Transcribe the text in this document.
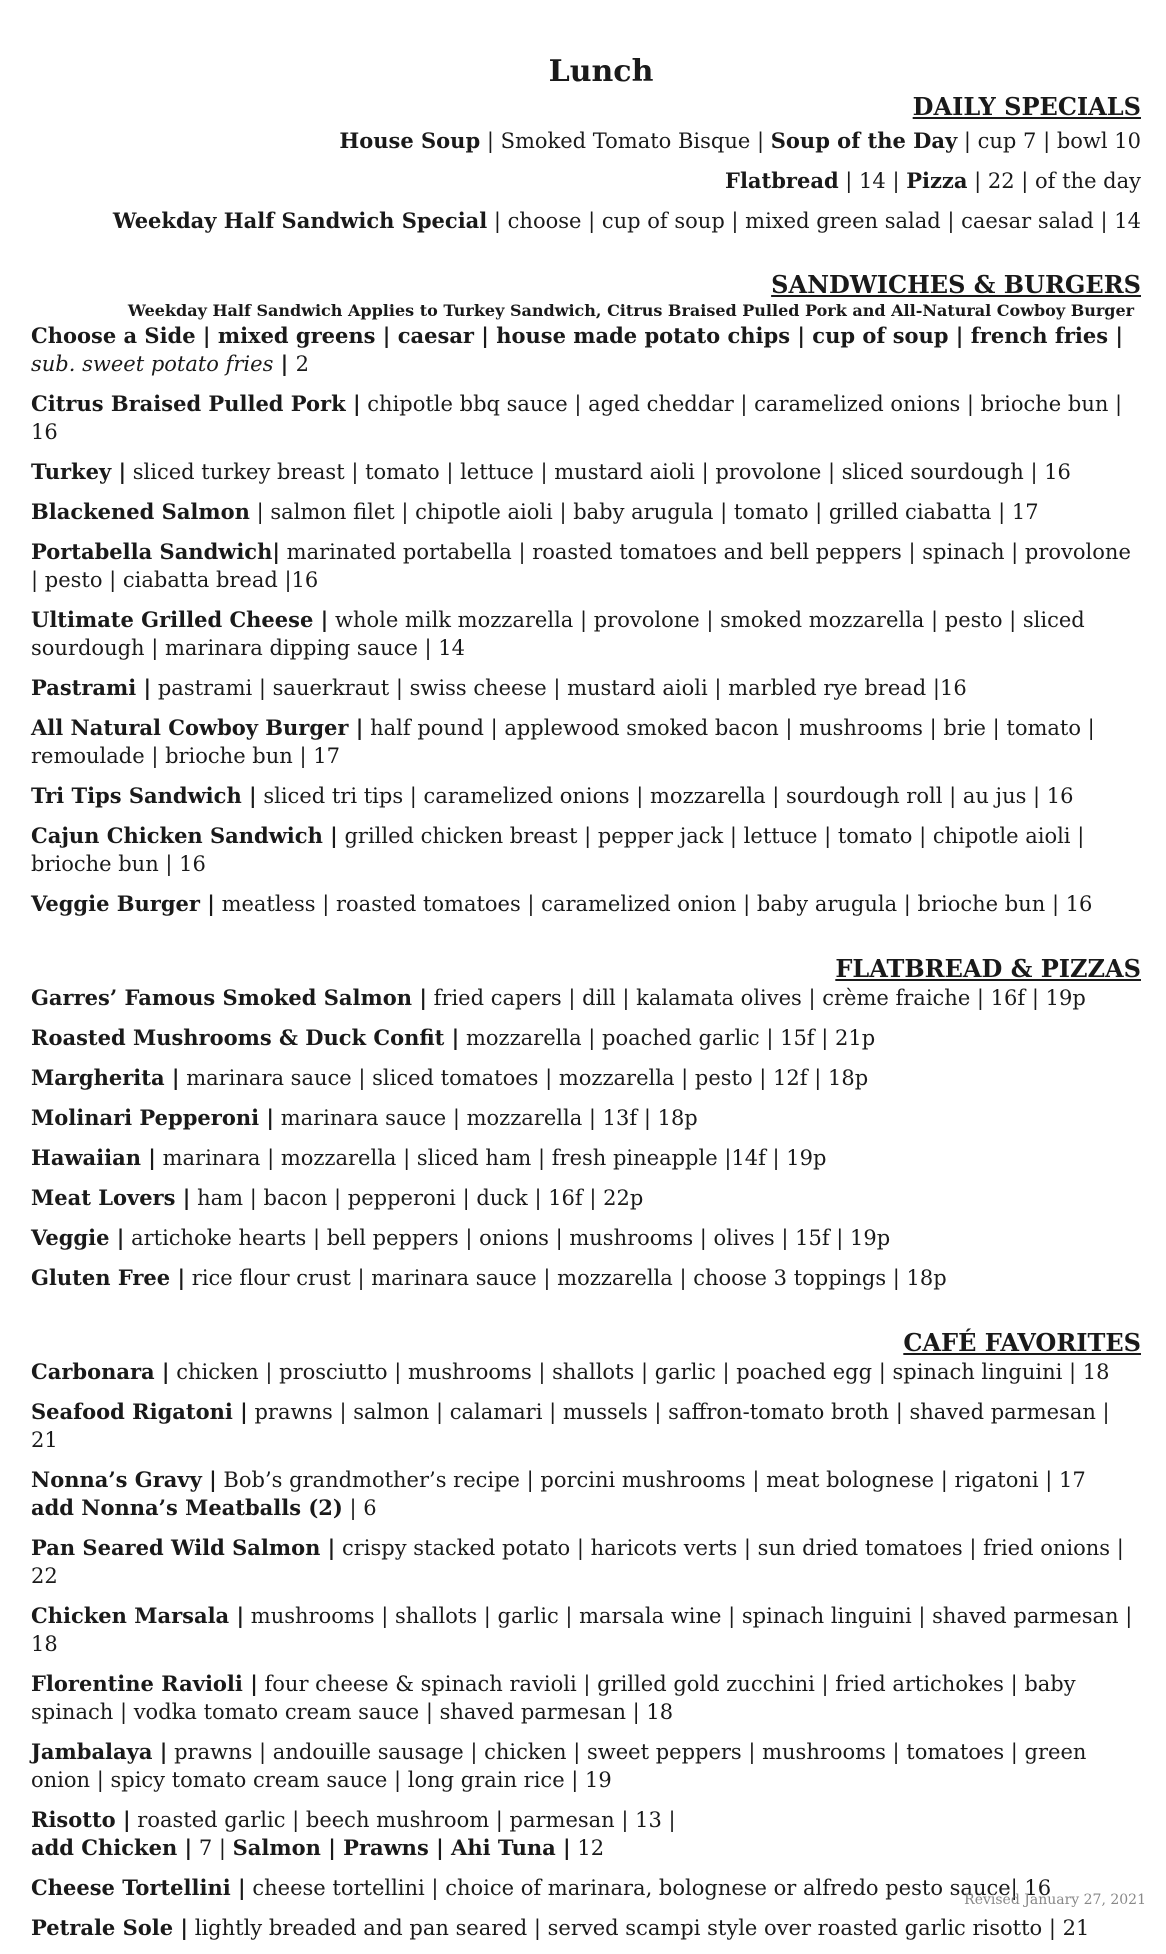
Lunch
DAILY SPECIALS
House Soup | Smoked Tomato Bisque | Soup of the Day | cup 7 | bowl 10
Flatbread | 14 | Pizza | 22 | of the day
Weekday Half Sandwich Special | choose | cup of soup | mixed green salad | caesar salad | 14
SANDWICHES & BURGERS
Weekday Half Sandwich Applies to Turkey Sandwich, Citrus Braised Pulled Pork and All-Natural Cowboy Burger
Choose a Side | mixed greens | caesar | house made potato chips | cup of soup | french fries |
sub. sweet potato fries | 2
Citrus Braised Pulled Pork | chipotle bbq sauce | aged cheddar | caramelized onions | brioche bun | 16
Turkey | sliced turkey breast | tomato | lettuce | mustard aioli | provolone | sliced sourdough | 16
Blackened Salmon | salmon filet | chipotle aioli | baby arugula | tomato | grilled ciabatta | 17
Portabella Sandwich| marinated portabella | roasted tomatoes and bell peppers | spinach | provolone | pesto | ciabatta bread |16
Ultimate Grilled Cheese | whole milk mozzarella | provolone | smoked mozzarella | pesto | sliced sourdough | marinara dipping sauce | 14
Pastrami | pastrami | sauerkraut | swiss cheese | mustard aioli | marbled rye bread |16
All Natural Cowboy Burger | half pound | applewood smoked bacon | mushrooms | brie | tomato | remoulade | brioche bun | 17
Tri Tips Sandwich | sliced tri tips | caramelized onions | mozzarella | sourdough roll | au jus | 16
Cajun Chicken Sandwich | grilled chicken breast | pepper jack | lettuce | tomato | chipotle aioli | brioche bun | 16
Veggie Burger | meatless | roasted tomatoes | caramelized onion | baby arugula | brioche bun | 16
FLATBREAD & PIZZAS
Garres’ Famous Smoked Salmon | fried capers | dill | kalamata olives | crème fraiche | 16f | 19p
Roasted Mushrooms & Duck Confit | mozzarella | poached garlic | 15f | 21p
Margherita | marinara sauce | sliced tomatoes | mozzarella | pesto | 12f | 18p
Molinari Pepperoni | marinara sauce | mozzarella | 13f | 18p
Hawaiian | marinara | mozzarella | sliced ham | fresh pineapple |14f | 19p
Meat Lovers | ham | bacon | pepperoni | duck | 16f | 22p
Veggie | artichoke hearts | bell peppers | onions | mushrooms | olives | 15f | 19p
Gluten Free | rice flour crust | marinara sauce | mozzarella | choose 3 toppings | 18p
CAFÉ FAVORITES
Carbonara | chicken | prosciutto | mushrooms | shallots | garlic | poached egg | spinach linguini | 18
Seafood Rigatoni | prawns | salmon | calamari | mussels | saffron-tomato broth | shaved parmesan | 21
Nonna’s Gravy | Bob’s grandmother’s recipe | porcini mushrooms | meat bolognese | rigatoni | 17
add Nonna’s Meatballs (2) | 6
Pan Seared Wild Salmon | crispy stacked potato | haricots verts | sun dried tomatoes | fried onions | 22
Chicken Marsala | mushrooms | shallots | garlic | marsala wine | spinach linguini | shaved parmesan | 18
Florentine Ravioli | four cheese & spinach ravioli | grilled gold zucchini | fried artichokes | baby spinach | vodka tomato cream sauce | shaved parmesan | 18
Jambalaya | prawns | andouille sausage | chicken | sweet peppers | mushrooms | tomatoes | green onion | spicy tomato cream sauce | long grain rice | 19
Risotto | roasted garlic | beech mushroom | parmesan | 13 |
add Chicken | 7 | Salmon | Prawns | Ahi Tuna | 12
Cheese Tortellini | cheese tortellini | choice of marinara, bolognese or alfredo pesto sauce| 16
Petrale Sole | lightly breaded and pan seared | served scampi style over roasted garlic risotto | 21
Revised January 27, 2021
